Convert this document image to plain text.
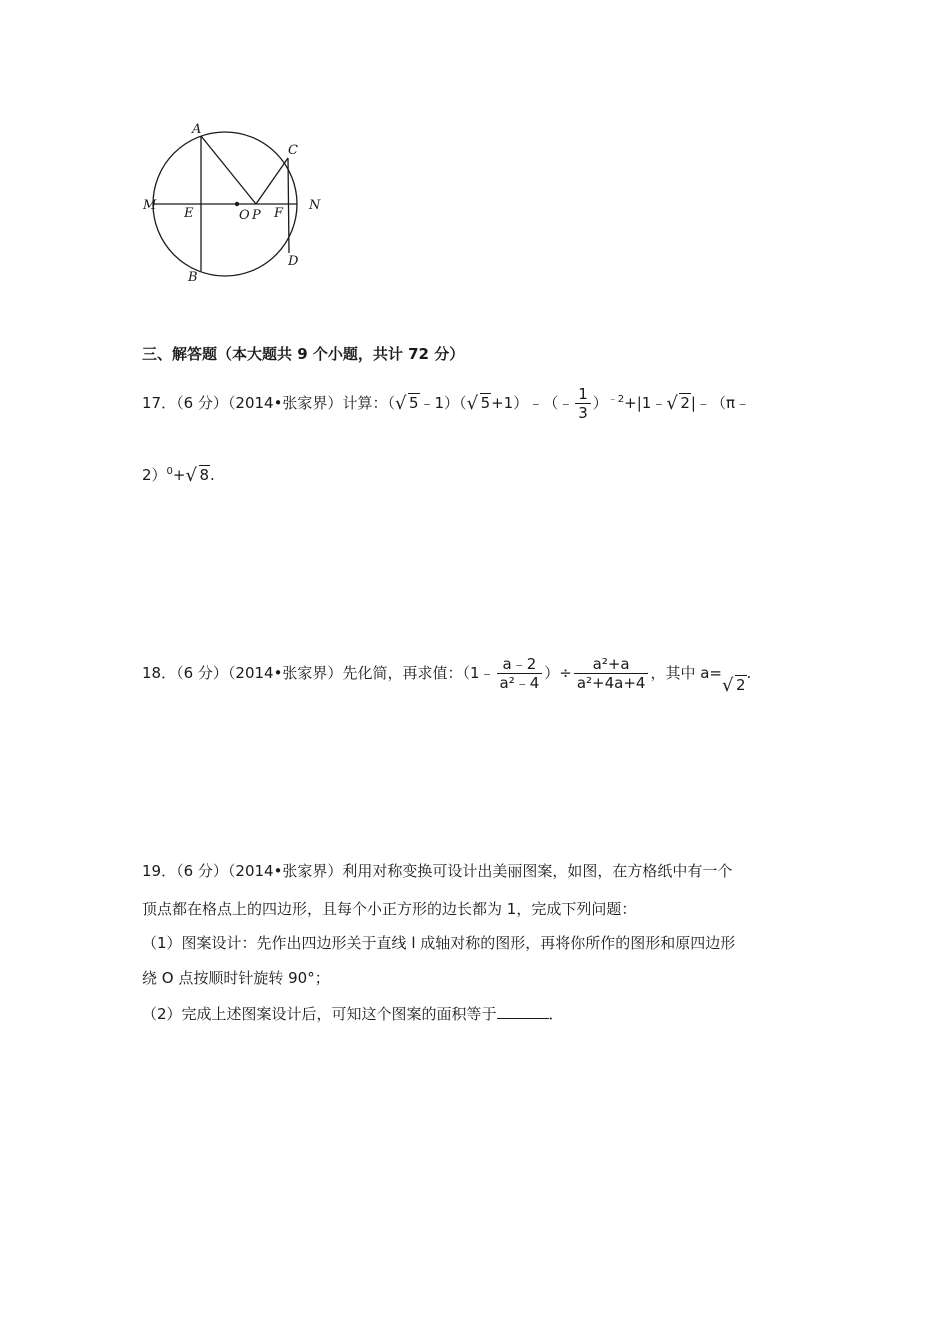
A
B
C
D
M	N
E	O P F
三、解答题（本大题共 9 个小题，共计 72 分）
17．（6 分）（2014•张家界）计算：（ √ 5﹣1）（ √ 5+1）﹣（﹣ $\frac{1}{3}$ ）$^{﹣2}$+|1﹣ √ 2|﹣（π﹣
2）$^0$+ √ 8.
18．（6 分）（2014•张家界）先化简，再求值：（1﹣ $\frac{a﹣2}{\text{a²﹣4}}$ ）÷ $\frac{\text{a²+a}}{\text{a²+4a+4}}$ ，其中 a=
√ 2.
19．（6 分）（2014•张家界）利用对称变换可设计出美丽图案，如图，在方格纸中有一个
顶点都在格点上的四边形，且每个小正方形的边长都为 1，完成下列问题：
（1）图案设计：先作出四边形关于直线 l 成轴对称的图形，再将你所作的图形和原四边形
绕 O 点按顺时针旋转 90°；
（2）完成上述图案设计后，可知这个图案的面积等于	．
